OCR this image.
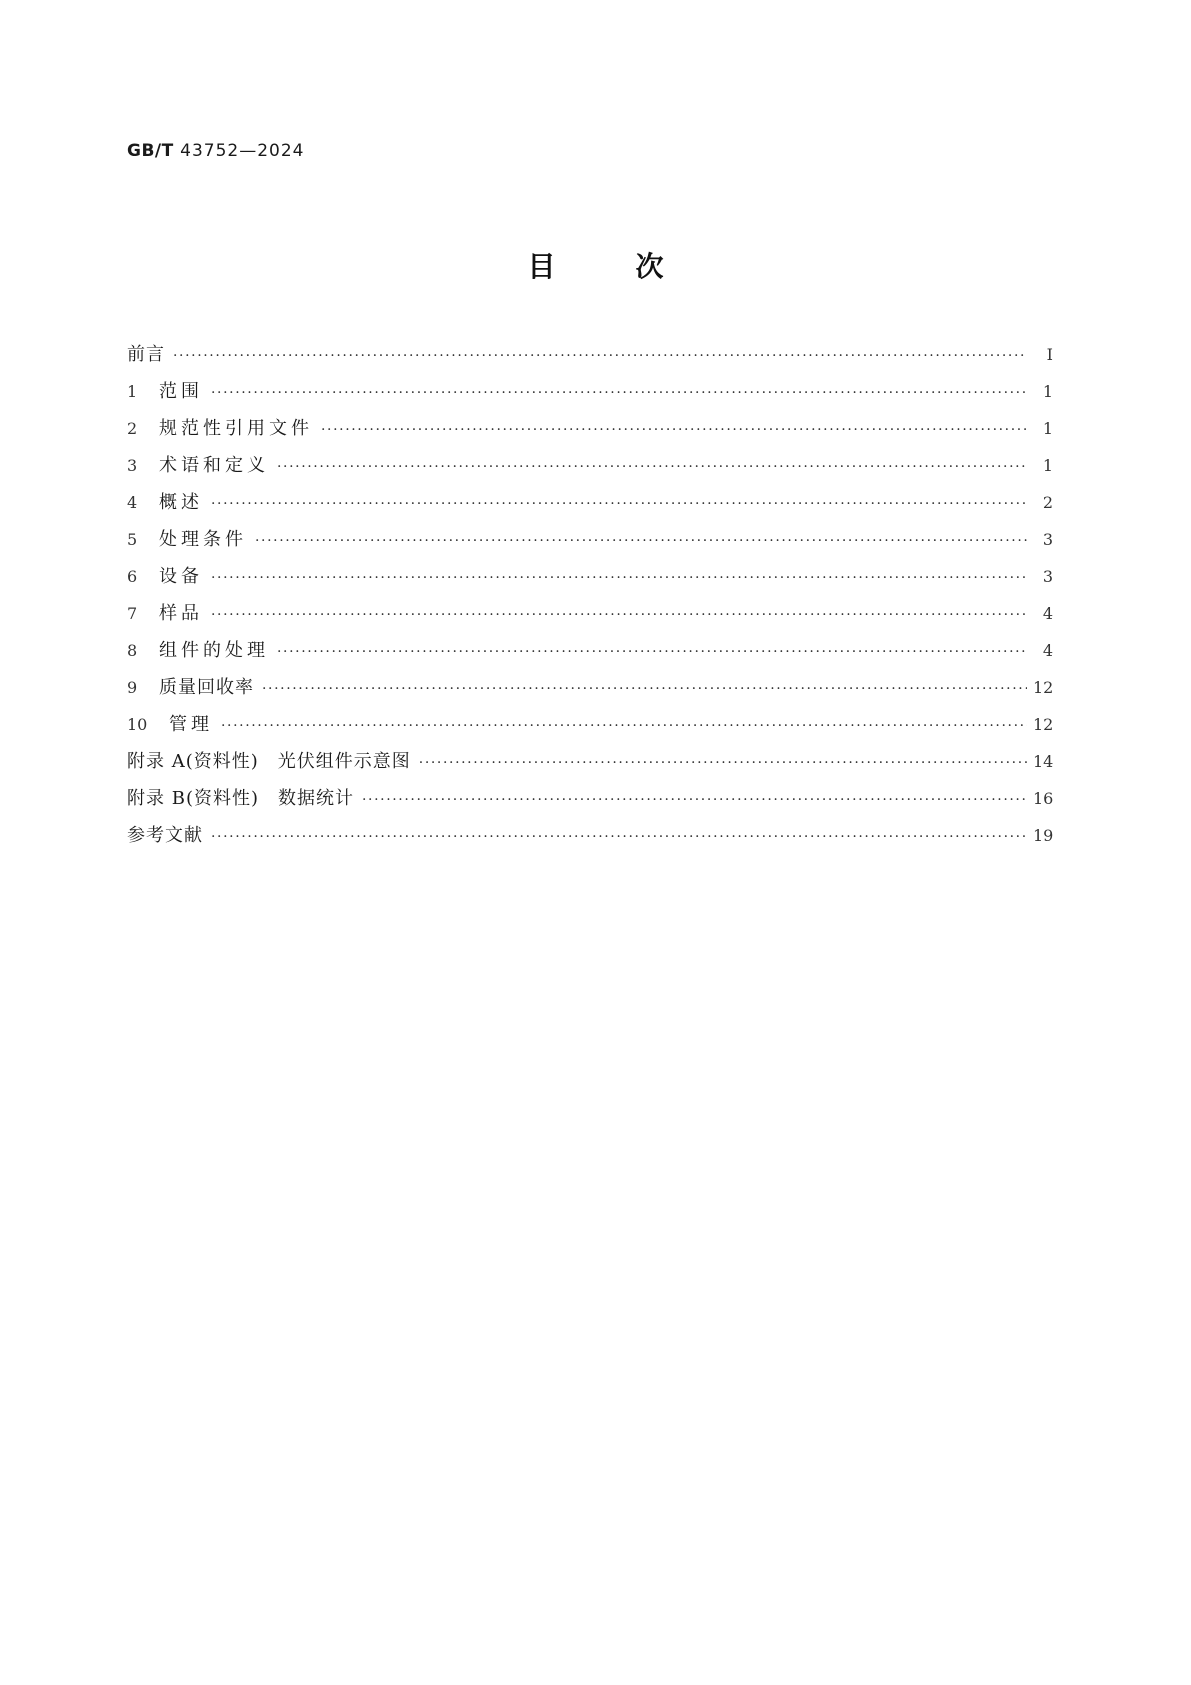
GB/T 43752—2024
目	次
前言 ·····	Ⅰ
1	范围 ·····	1
2	规范性引用文件 ·····	1
3	术语和定义 ·····	1
4	概述 ·····	2
5	处理条件 ·····	3
6	设备 ·····	3
7	样品 ·····	4
8	组件的处理 ·····	4
9	质量回收率 ·····	12
10	管理 ·····	12
附录 A(资料性)　光伏组件示意图 ·····	14
附录 B(资料性)　数据统计 ·····	16
参考文献 ·····	19
